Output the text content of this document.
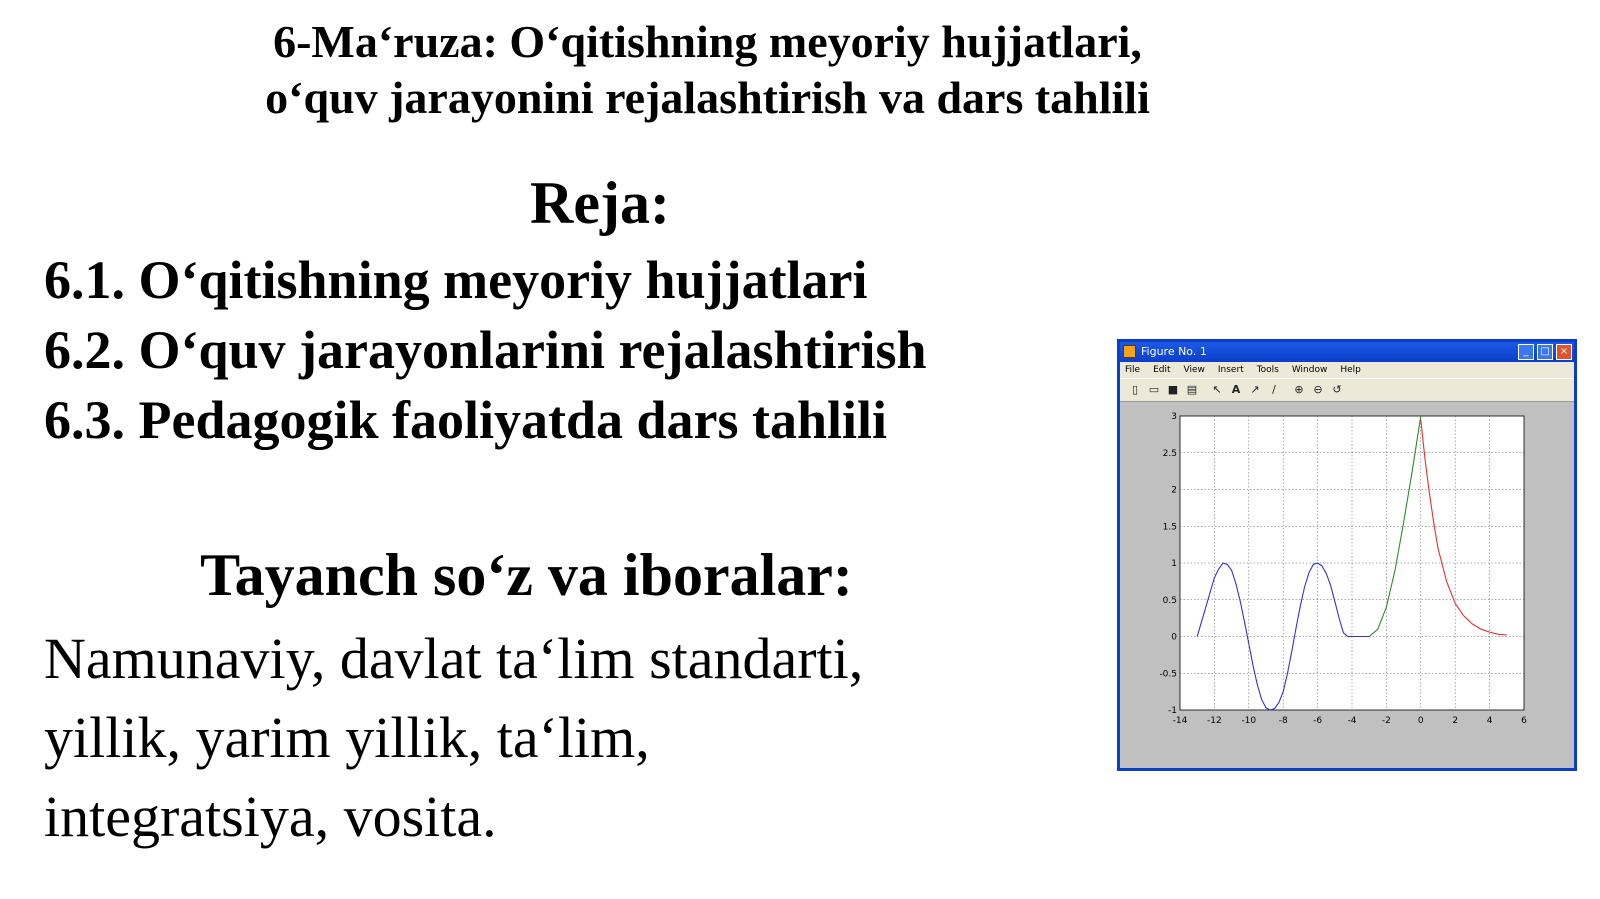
6-Ma‘ruza: O‘qitishning meyoriy hujjatlari,
o‘quv jarayonini rejalashtirish va dars tahlili
Reja:
6.1. O‘qitishning meyoriy hujjatlari
6.2. O‘quv jarayonlarini rejalashtirish
6.3. Pedagogik faoliyatda dars tahlili
Tayanch so‘z va iboralar:
Namunaviy, davlat ta‘lim standarti,
yillik, yarim yillik, ta‘lim,
integratsiya, vosita.
Figure No. 1	_	□	×
File Edit View Insert Tools Window Help
▯ ▭ ■ ▤ ↖ A ↗	/	⊕ ⊖ ↺
-14 -12 -10	-8	-6	-4	-2	0	2	4	6
-1
-0.5
0
0.5
1
1.5
2
2.5
3
